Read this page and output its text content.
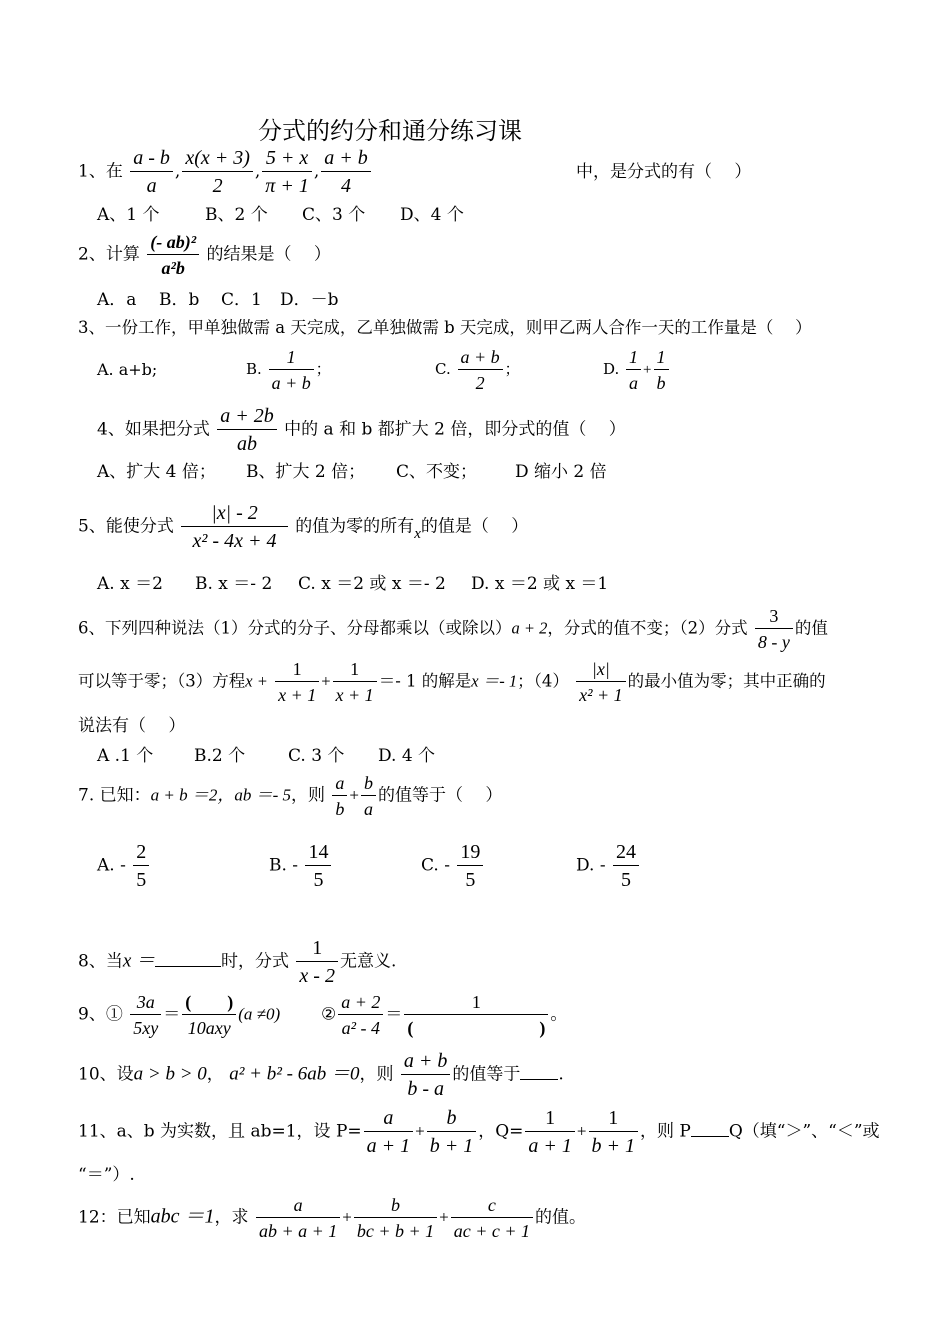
分式的约分和通分练习课
1、在 $\frac{a - b}{a}$ , $\frac{x(x + 3)}{2}$ , $\frac{5 + x}{\pi + 1}$ , $\frac{a + b}{4}$	中，是分式的有（　 ）
A、1 个	B、2 个 C、3 个 D、4 个
2、计算 $\frac{\text{(- ab)²}}{\text{a²b}}$ 的结果是（　 ）
A．a B．b C．1 D．－b
3、一份工作，甲单独做需 a 天完成，乙单独做需 b 天完成，则甲乙两人合作一天的工作量是（　 ）
A. a+b;	B. $\frac{1}{a + b}$ ；	C. $\frac{a + b}{2}$ ；	D. $\frac{1}{a} + \frac{1}{b}$
4、如果把分式 $\frac{a + 2b}{ab}$ 中的 a 和 b 都扩大 2 倍，即分式的值（　 ）
A、扩大 4 倍； B、扩大 2 倍； C、不变； D 缩小 2 倍
5、能使分式 $\frac{|x| - 2}{\text{x² - 4x + 4}}$ 的值为零的所有x的值是（　 ）
A. x ＝2 B. x ＝- 2 C. x ＝2 或 x ＝- 2 D. x ＝2 或 x ＝1
6、下列四种说法（1）分式的分子、分母都乘以（或除以）a + 2，分式的值不变；（2）分式 $\frac{3}{8 - y}$ 的值
可以等于零；（3）方程$x + \frac{1}{x + 1} + \frac{1}{x + 1} =- 1$ 的解是x ＝- 1；$(4) \frac{|x|}{\text{x² + 1}}$ 的最小值为零；其中正确的
说法有（　 ）
A .1 个 B.2 个	C. 3 个 D. 4 个
7. 已知：a + b ＝2，ab ＝- 5，则 $\frac{a}{b} + \frac{b}{a}$ 的值等于（　 ）
A. - $\frac{2}{5}$	B. - $\frac{14}{5}$	C. - $\frac{19}{5}$	D. - $\frac{24}{5}$
8、当x ＝	时，分式 $\frac{1}{x - 2}$ 无意义.
9、① $\frac{3a}{5xy} = \frac{( )}{\text{10axy}} (a \ne 0)$ ② $\frac{a + 2}{\text{a² - 4}} = \frac{1}{( )}$ 。
10、设a > b > 0， a² + b² - 6ab ＝0，则 $\frac{a + b}{b - a}$ 的值等于 .
11、a、b 为实数，且 ab=1，设 $P= \frac{a}{a + 1} + \frac{b}{b + 1}$ ，$Q= \frac{1}{a + 1} + \frac{1}{b + 1}$ ，则 P Q（填“＞”、“＜”或
“＝”）.
12：已知abc ＝1，求 $\frac{a}{ab + a + 1} + \frac{b}{bc + b + 1} + \frac{c}{ac + c + 1}$ 的值。
